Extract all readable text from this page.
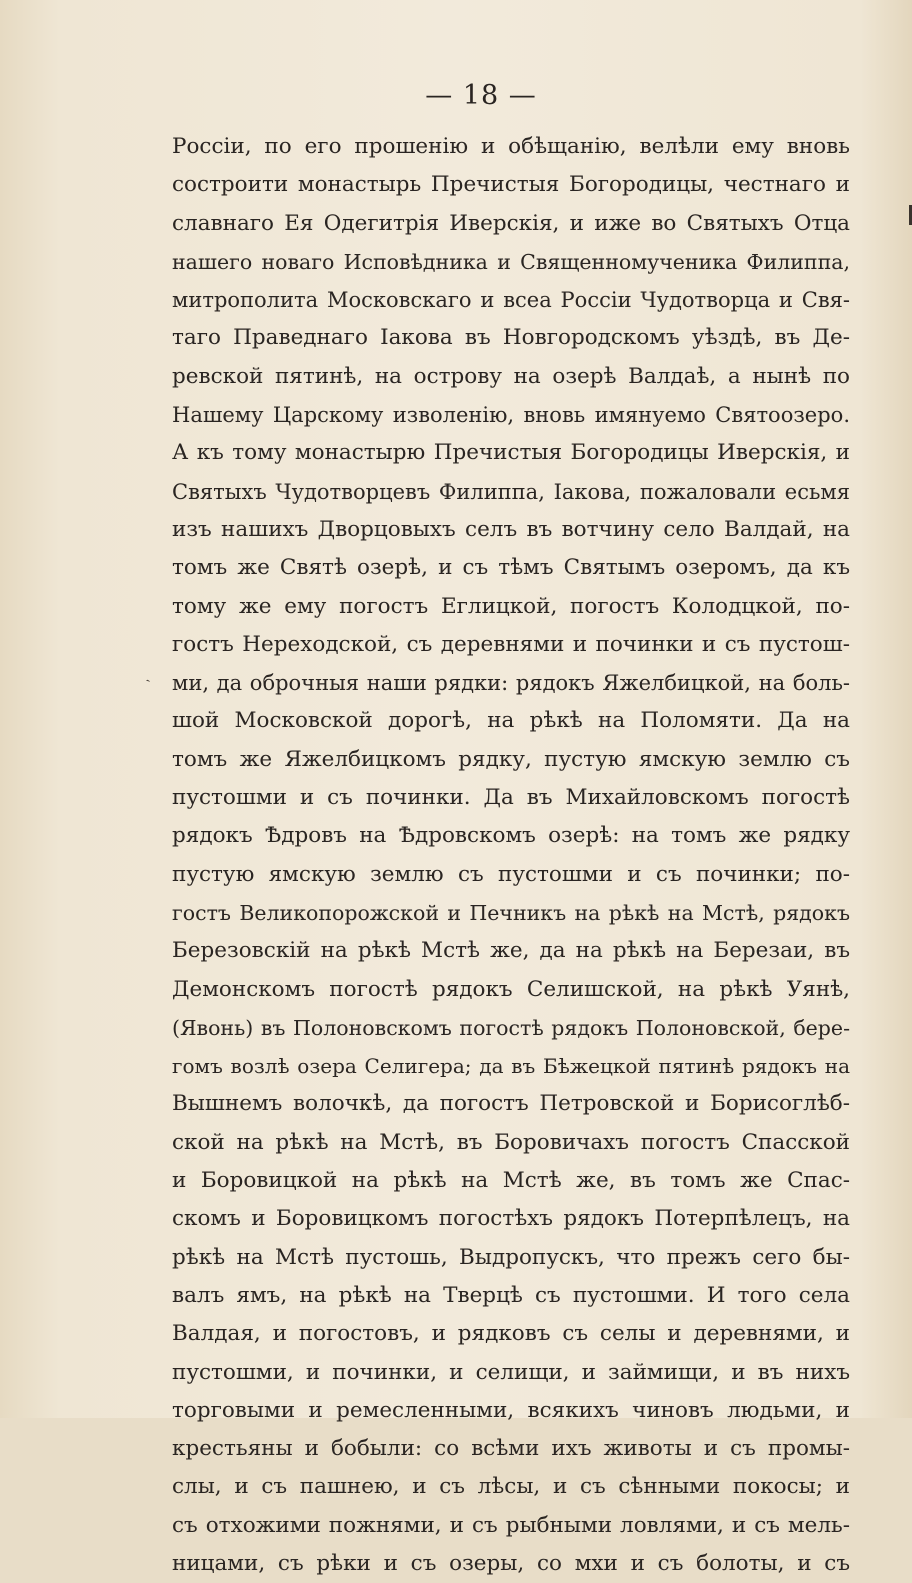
— 18 —
Россіи, по его прошенію и обѣщанію, велѣли ему вновь
состроити монастырь Пречистыя Богородицы, честнаго и
славнаго Ея Одегитрія Иверскія, и иже во Святыхъ Отца
нашего новаго Исповѣдника и Священномученика Филиппа,
митрополита Московскаго и всеа Россіи Чудотворца и Свя-
таго Праведнаго Іакова въ Новгородскомъ уѣздѣ, въ Де-
ревской пятинѣ, на острову на озерѣ Валдаѣ, а нынѣ по
Нашему Царскому изволенію, вновь имянуемо Святоозеро.
А къ тому монастырю Пречистыя Богородицы Иверскія, и
Святыхъ Чудотворцевъ Филиппа, Іакова, пожаловали есьмя
изъ нашихъ Дворцовыхъ селъ въ вотчину село Валдай, на
томъ же Святѣ озерѣ, и съ тѣмъ Святымъ озеромъ, да къ
тому же ему погостъ Еглицкой, погостъ Колодцкой, по-
гостъ Нереходской, съ деревнями и починки и съ пустош-
ми, да оброчныя наши рядки: рядокъ Яжелбицкой, на боль-
шой Московской дорогѣ, на рѣкѣ на Поломяти. Да на
томъ же Яжелбицкомъ рядку, пустую ямскую землю съ
пустошми и съ починки. Да въ Михайловскомъ погостѣ
рядокъ Ѣдровъ на Ѣдровскомъ озерѣ: на томъ же рядку
пустую ямскую землю съ пустошми и съ починки; по-
гостъ Великопорожской и Печникъ на рѣкѣ на Мстѣ, рядокъ
Березовскій на рѣкѣ Мстѣ же, да на рѣкѣ на Березаи, въ
Демонскомъ погостѣ рядокъ Селишской, на рѣкѣ Уянѣ,
(Явонь) въ Полоновскомъ погостѣ рядокъ Полоновской, бере-
гомъ возлѣ озера Селигера; да въ Бѣжецкой пятинѣ рядокъ на
Вышнемъ волочкѣ, да погостъ Петровской и Борисоглѣб-
ской на рѣкѣ на Мстѣ, въ Боровичахъ погостъ Спасской
и Боровицкой на рѣкѣ на Мстѣ же, въ томъ же Спас-
скомъ и Боровицкомъ погостѣхъ рядокъ Потерпѣлецъ, на
рѣкѣ на Мстѣ пустошь, Выдропускъ, что прежъ сего бы-
валъ ямъ, на рѣкѣ на Тверцѣ съ пустошми. И того села
Валдая, и погостовъ, и рядковъ съ селы и деревнями, и
пустошми, и починки, и селищи, и займищи, и въ нихъ
торговыми и ремесленными, всякихъ чиновъ людьми, и
крестьяны и бобыли: со всѣми ихъ животы и съ промы-
слы, и съ пашнею, и съ лѣсы, и съ сѣнными покосы; и
съ отхожими пожнями, и съ рыбными ловлями, и съ мель-
ницами, съ рѣки и съ озеры, со мхи и съ болоты, и съ
ˏ
